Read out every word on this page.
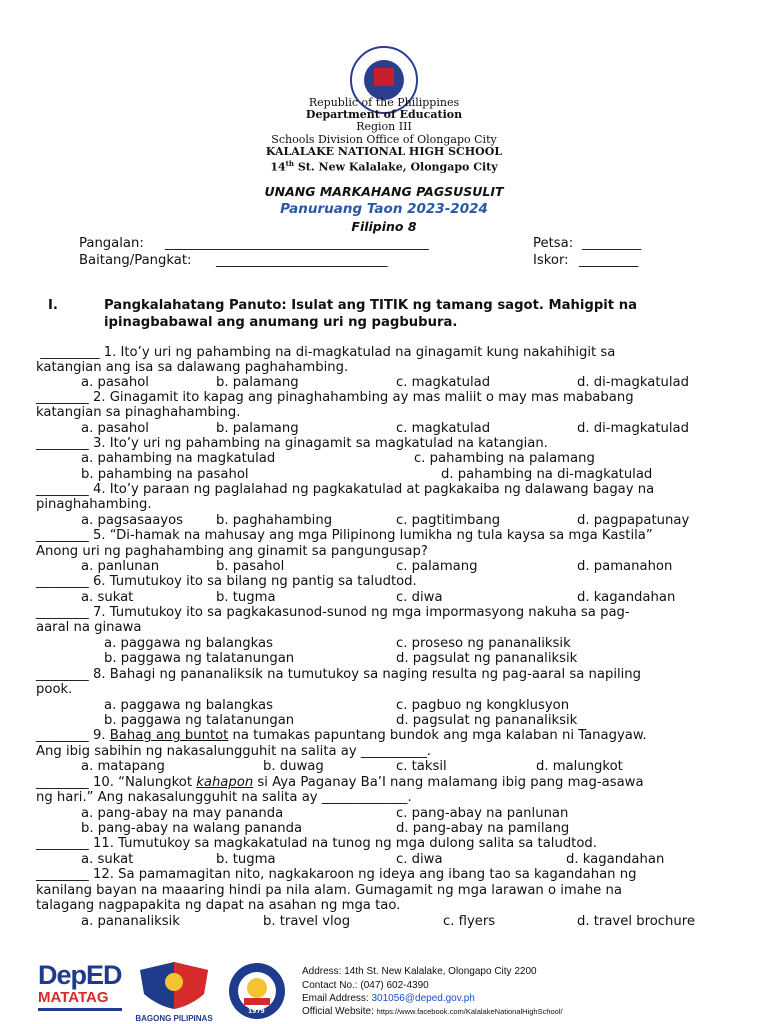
Republic of the Philippines
Department of Education
Region III
Schools Division Office of Olongapo City
KALALAKE NATIONAL HIGH SCHOOL
14th St. New Kalalake, Olongapo City
UNANG MARKAHANG PAGSUSULIT
Panuruang Taon 2023-2024
Filipino 8
Pangalan: ________________________________________	Petsa: _________
Baitang/Pangkat: __________________________	Iskor: _________
I.	Pangkalahatang Panuto: Isulat ang TITIK ng tamang sagot. Mahigpit na
ipinagbabawal ang anumang uri ng pagbubura.
_________ 1. Ito’y uri ng pahambing na di-magkatulad na ginagamit kung nakahihigit sa
katangian ang isa sa dalawang paghahambing.
a. pasahol	b. palamang	c. magkatulad	d. di-magkatulad
________ 2. Ginagamit ito kapag ang pinaghahambing ay mas maliit o may mas mababang
katangian sa pinaghahambing.
a. pasahol	b. palamang	c. magkatulad	d. di-magkatulad
________ 3. Ito’y uri ng pahambing na ginagamit sa magkatulad na katangian.
a. pahambing na magkatulad	c. pahambing na palamang
b. pahambing na pasahol	d. pahambing na di-magkatulad
________ 4. Ito’y paraan ng paglalahad ng pagkakatulad at pagkakaiba ng dalawang bagay na
pinaghahambing.
a. pagsasaayos b. paghahambing	c. pagtitimbang	d. pagpapatunay
________ 5. “Di-hamak na mahusay ang mga Pilipinong lumikha ng tula kaysa sa mga Kastila”
Anong uri ng paghahambing ang ginamit sa pangungusap?
a. panlunan	b. pasahol	c. palamang	d. pamanahon
________ 6. Tumutukoy ito sa bilang ng pantig sa taludtod.
a. sukat	b. tugma	c. diwa	d. kagandahan
________ 7. Tumutukoy ito sa pagkakasunod-sunod ng mga impormasyong nakuha sa pag-
aaral na ginawa
a. paggawa ng balangkas	c. proseso ng pananaliksik
b. paggawa ng talatanungan	d. pagsulat ng pananaliksik
________ 8. Bahagi ng pananaliksik na tumutukoy sa naging resulta ng pag-aaral sa napiling
pook.
a. paggawa ng balangkas	c. pagbuo ng kongklusyon
b. paggawa ng talatanungan	d. pagsulat ng pananaliksik
________ 9. Bahag ang buntot na tumakas papuntang bundok ang mga kalaban ni Tanagyaw.
Ang ibig sabihin ng nakasalungguhit na salita ay __________.
a. matapang	b. duwag	c. taksil	d. malungkot
________ 10. “Nalungkot kahapon si Aya Paganay Ba’I nang malamang ibig pang mag-asawa
ng hari.” Ang nakasalungguhit na salita ay _____________.
a. pang-abay na may pananda	c. pang-abay na panlunan
b. pang-abay na walang pananda	d. pang-abay na pamilang
________ 11. Tumutukoy sa magkakatulad na tunog ng mga dulong salita sa taludtod.
a. sukat	b. tugma	c. diwa	d. kagandahan
________ 12. Sa pamamagitan nito, nagkakaroon ng ideya ang ibang tao sa kagandahan ng
kanilang bayan na maaaring hindi pa nila alam. Gumagamit ng mga larawan o imahe na
talagang nagpapakita ng dapat na asahan ng mga tao.
a. pananaliksik	b. travel vlog	c. flyers	d. travel brochure
DepED
MATATAG
BAGONG PILIPINAS
1979
Address: 14th St. New Kalalake, Olongapo City 2200
Contact No.: (047) 602-4390
Email Address: 301056@deped.gov.ph
Official Website: https://www.facebook.com/KalalakeNationalHighSchool/
